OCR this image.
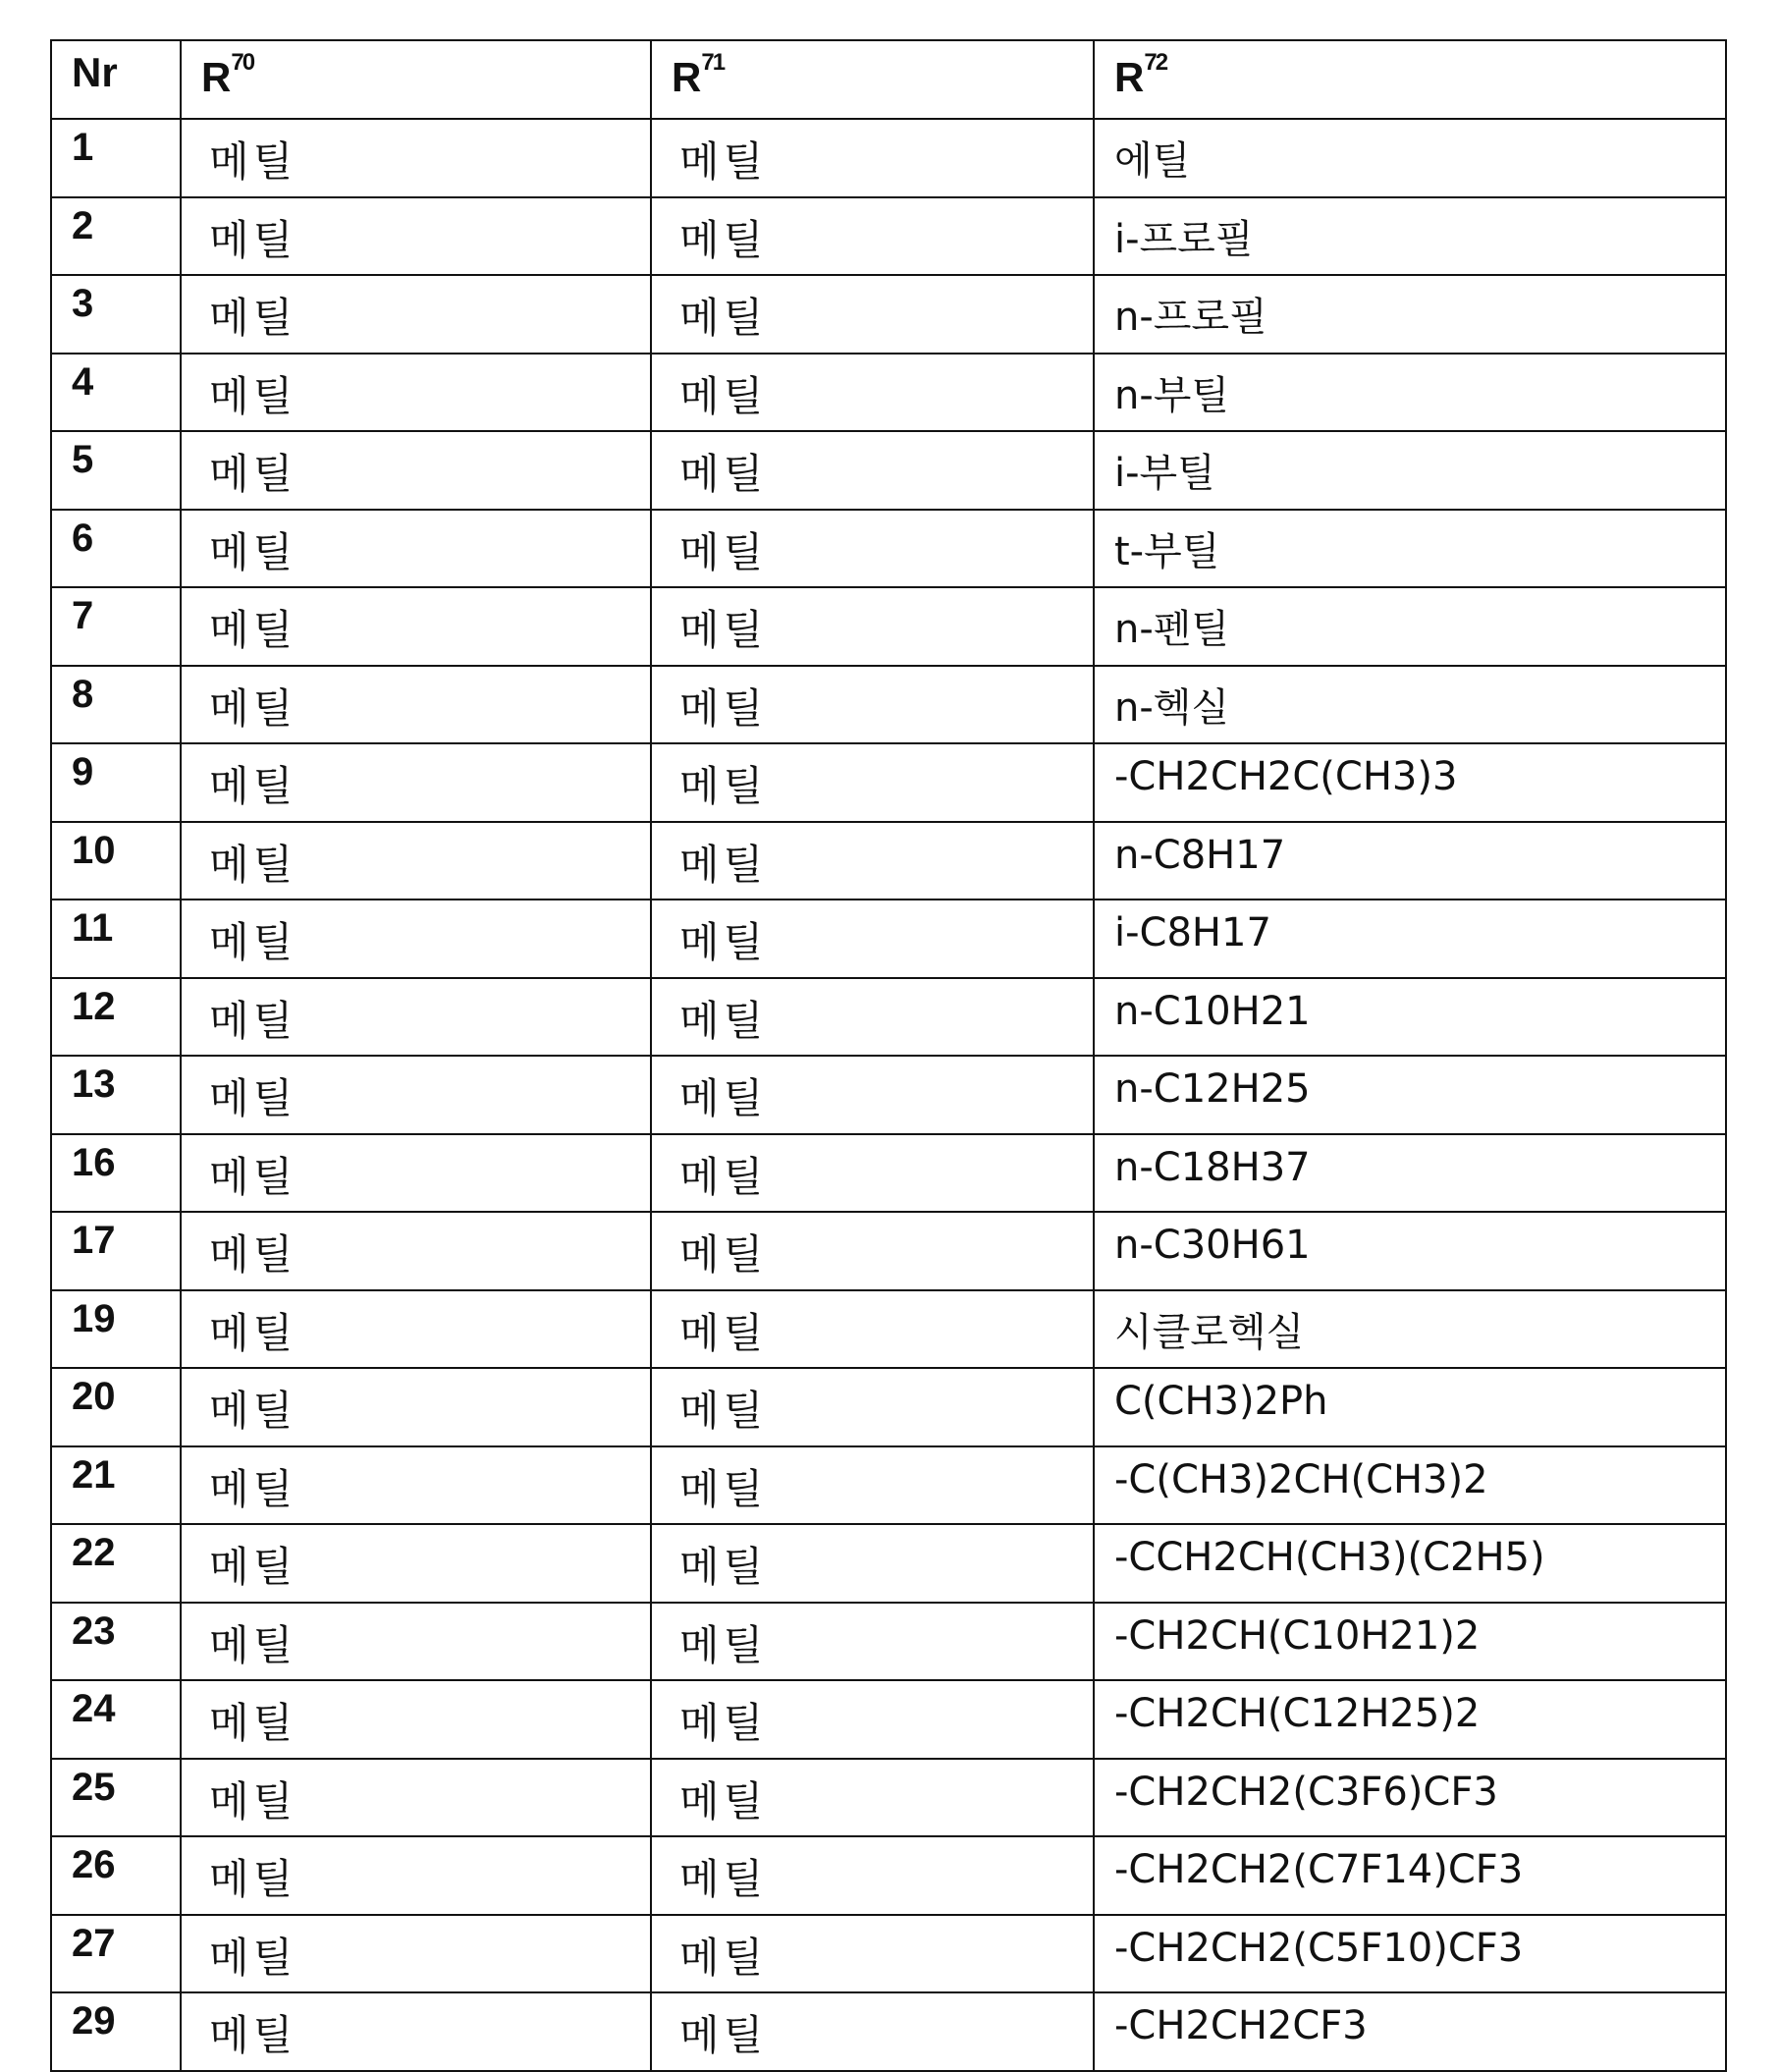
Nr	R70	R71	R72
1	메틸	메틸	에틸
2	메틸	메틸	i-프로필
3	메틸	메틸	n-프로필
4	메틸	메틸	n-부틸
5	메틸	메틸	i-부틸
6	메틸	메틸	t-부틸
7	메틸	메틸	n-펜틸
8	메틸	메틸	n-헥실
9	메틸	메틸	-CH2CH2C(CH3)3
10	메틸	메틸	n-C8H17
11	메틸	메틸	i-C8H17
12	메틸	메틸	n-C10H21
13	메틸	메틸	n-C12H25
16	메틸	메틸	n-C18H37
17	메틸	메틸	n-C30H61
19	메틸	메틸	시클로헥실
20	메틸	메틸	C(CH3)2Ph
21	메틸	메틸	-C(CH3)2CH(CH3)2
22	메틸	메틸	-CCH2CH(CH3)(C2H5)
23	메틸	메틸	-CH2CH(C10H21)2
24	메틸	메틸	-CH2CH(C12H25)2
25	메틸	메틸	-CH2CH2(C3F6)CF3
26	메틸	메틸	-CH2CH2(C7F14)CF3
27	메틸	메틸	-CH2CH2(C5F10)CF3
29	메틸	메틸	-CH2CH2CF3
